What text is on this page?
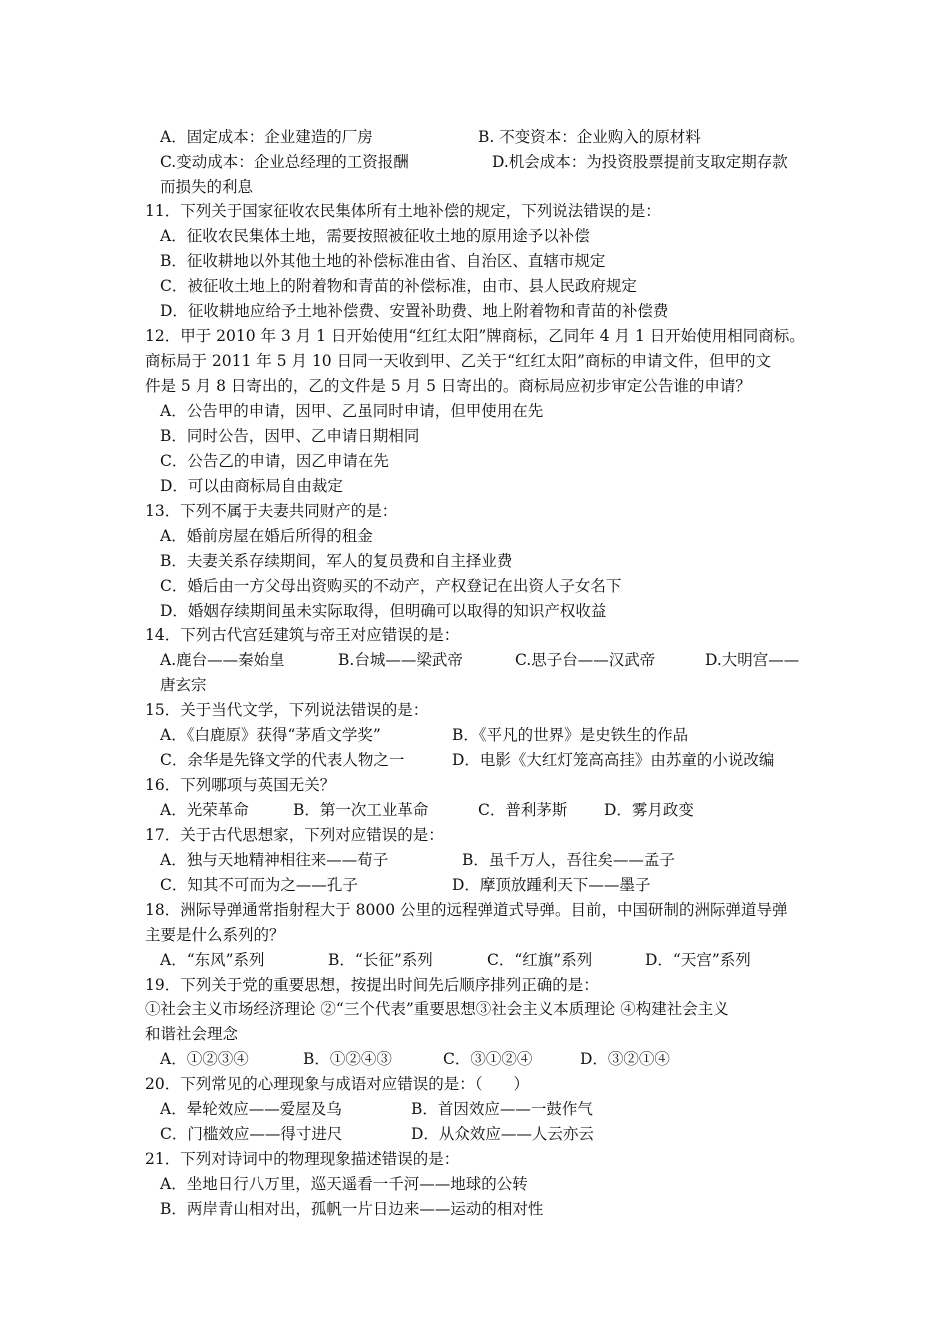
A．固定成本：企业建造的厂房	B. 不变资本：企业购入的原材料
C.变动成本：企业总经理的工资报酬	D.机会成本：为投资股票提前支取定期存款
而损失的利息
11．下列关于国家征收农民集体所有土地补偿的规定，下列说法错误的是：
A．征收农民集体土地，需要按照被征收土地的原用途予以补偿
B．征收耕地以外其他土地的补偿标准由省、自治区、直辖市规定
C．被征收土地上的附着物和青苗的补偿标准，由市、县人民政府规定
D．征收耕地应给予土地补偿费、安置补助费、地上附着物和青苗的补偿费
12．甲于 2010 年 3 月 1 日开始使用“红红太阳”牌商标，乙同年 4 月 1 日开始使用相同商标。
商标局于 2011 年 5 月 10 日同一天收到甲、乙关于“红红太阳”商标的申请文件，但甲的文
件是 5 月 8 日寄出的，乙的文件是 5 月 5 日寄出的。商标局应初步审定公告谁的申请？
A．公告甲的申请，因甲、乙虽同时申请，但甲使用在先
B．同时公告，因甲、乙申请日期相同
C．公告乙的申请，因乙申请在先
D．可以由商标局自由裁定
13．下列不属于夫妻共同财产的是：
A．婚前房屋在婚后所得的租金
B．夫妻关系存续期间，军人的复员费和自主择业费
C．婚后由一方父母出资购买的不动产，产权登记在出资人子女名下
D．婚姻存续期间虽未实际取得，但明确可以取得的知识产权收益
14．下列古代宫廷建筑与帝王对应错误的是：
A.鹿台——秦始皇	B.台城——梁武帝	C.思子台——汉武帝	D.大明宫——
唐玄宗
15．关于当代文学，下列说法错误的是：
A．《白鹿原》获得“茅盾文学奖”	B．《平凡的世界》是史铁生的作品
C．余华是先锋文学的代表人物之一	D．电影《大红灯笼高高挂》由苏童的小说改编
16．下列哪项与英国无关？
A．光荣革命	B．第一次工业革命	C．普利茅斯 D．雾月政变
17．关于古代思想家，下列对应错误的是：
A．独与天地精神相往来——荀子	B．虽千万人，吾往矣——孟子
C．知其不可而为之——孔子	D．摩顶放踵利天下——墨子
18．洲际导弹通常指射程大于 8000 公里的远程弹道式导弹。目前，中国研制的洲际弹道导弹
主要是什么系列的？
A．“东风”系列	B．“长征”系列	C．“红旗”系列	D．“天宫”系列
19．下列关于党的重要思想，按提出时间先后顺序排列正确的是：
①社会主义市场经济理论 ②“三个代表”重要思想③社会主义本质理论 ④构建社会主义
和谐社会理念
A．①②③④	B．①②④③	C．③①②④	D．③②①④
20．下列常见的心理现象与成语对应错误的是：（　　）
A．晕轮效应——爱屋及乌	B．首因效应——一鼓作气
C．门槛效应——得寸进尺	D．从众效应——人云亦云
21．下列对诗词中的物理现象描述错误的是：
A．坐地日行八万里，巡天遥看一千河——地球的公转
B．两岸青山相对出，孤帆一片日边来——运动的相对性
